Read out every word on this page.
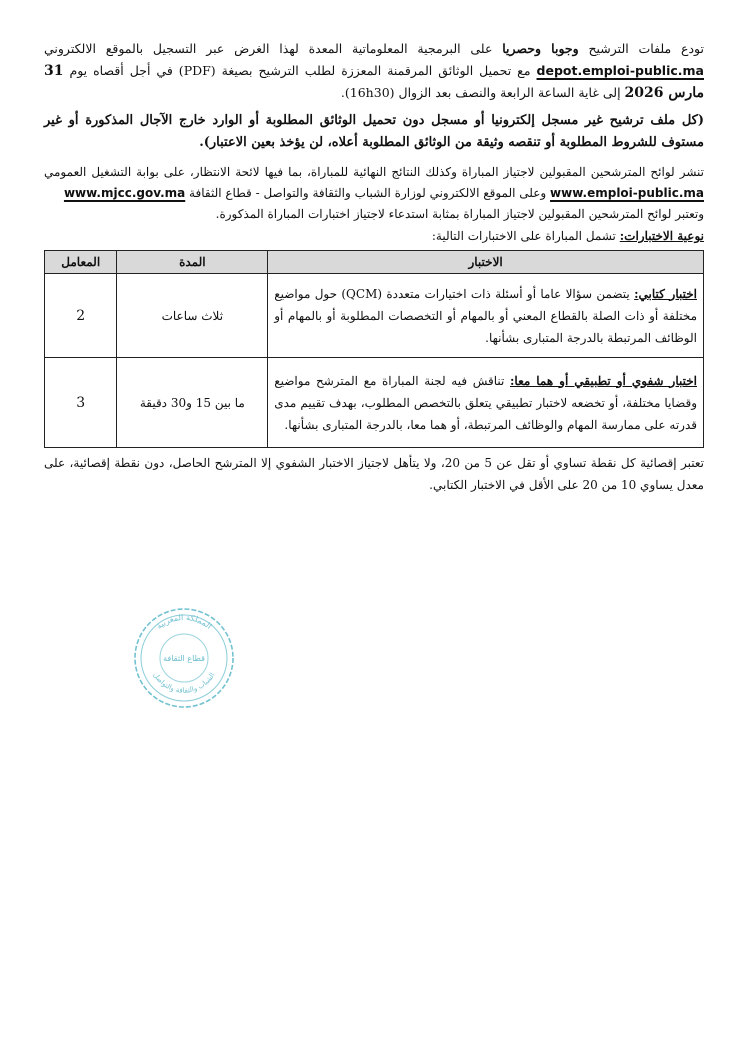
تودع ملفات الترشيح وجوبا وحصريا على البرمجية المعلوماتية المعدة لهذا الغرض عبر التسجيل بالموقع الالكتروني depot.emploi-public.ma مع تحميل الوثائق المرقمنة المعززة لطلب الترشيح بصيغة (PDF) في أجل أقصاه يوم 31 مارس 2026 إلى غاية الساعة الرابعة والنصف بعد الزوال (16h30).

(كل ملف ترشيح غير مسجل إلكترونيا أو مسجل دون تحميل الوثائق المطلوبة أو الوارد خارج الآجال المذكورة أو غير مستوف للشروط المطلوبة أو تنقصه وثيقة من الوثائق المطلوبة أعلاه، لن يؤخذ بعين الاعتبار).

تنشر لوائح المترشحين المقبولين لاجتياز المباراة وكذلك النتائج النهائية للمباراة، بما فيها لائحة الانتظار، على بوابة التشغيل العمومي www.emploi-public.ma وعلى الموقع الالكتروني لوزارة الشباب والثقافة والتواصل - قطاع الثقافة www.mjcc.gov.ma

وتعتبر لوائح المترشحين المقبولين لاجتياز المباراة بمثابة استدعاء لاجتياز اختبارات المباراة المذكورة.

نوعية الاختبارات: تشمل المباراة على الاختبارات التالية:
الاختبار	المدة	المعامل
اختبار كتابي: يتضمن سؤالا عاما أو أسئلة ذات اختيارات متعددة (QCM) حول مواضيع مختلفة أو ذات الصلة بالقطاع المعني أو بالمهام أو التخصصات المطلوبة أو بالمهام أو الوظائف المرتبطة بالدرجة المتبارى بشأنها.	ثلاث ساعات	2
اختبار شفوي أو تطبيقي أو هما معا: تناقش فيه لجنة المباراة مع المترشح مواضيع وقضايا مختلفة، أو تخضعه لاختبار تطبيقي يتعلق بالتخصص المطلوب، بهدف تقييم مدى قدرته على ممارسة المهام والوظائف المرتبطة، أو هما معا، بالدرجة المتبارى بشأنها.	ما بين 15 و30 دقيقة	3

تعتبر إقصائية كل نقطة تساوي أو تقل عن 5 من 20، ولا يتأهل لاجتياز الاختبار الشفوي إلا المترشح الحاصل، دون نقطة إقصائية، على معدل يساوي 10 من 20 على الأقل في الاختبار الكتابي.

المملكة المغربية
قطاع الثقافة
الشباب والثقافة والتواصل
